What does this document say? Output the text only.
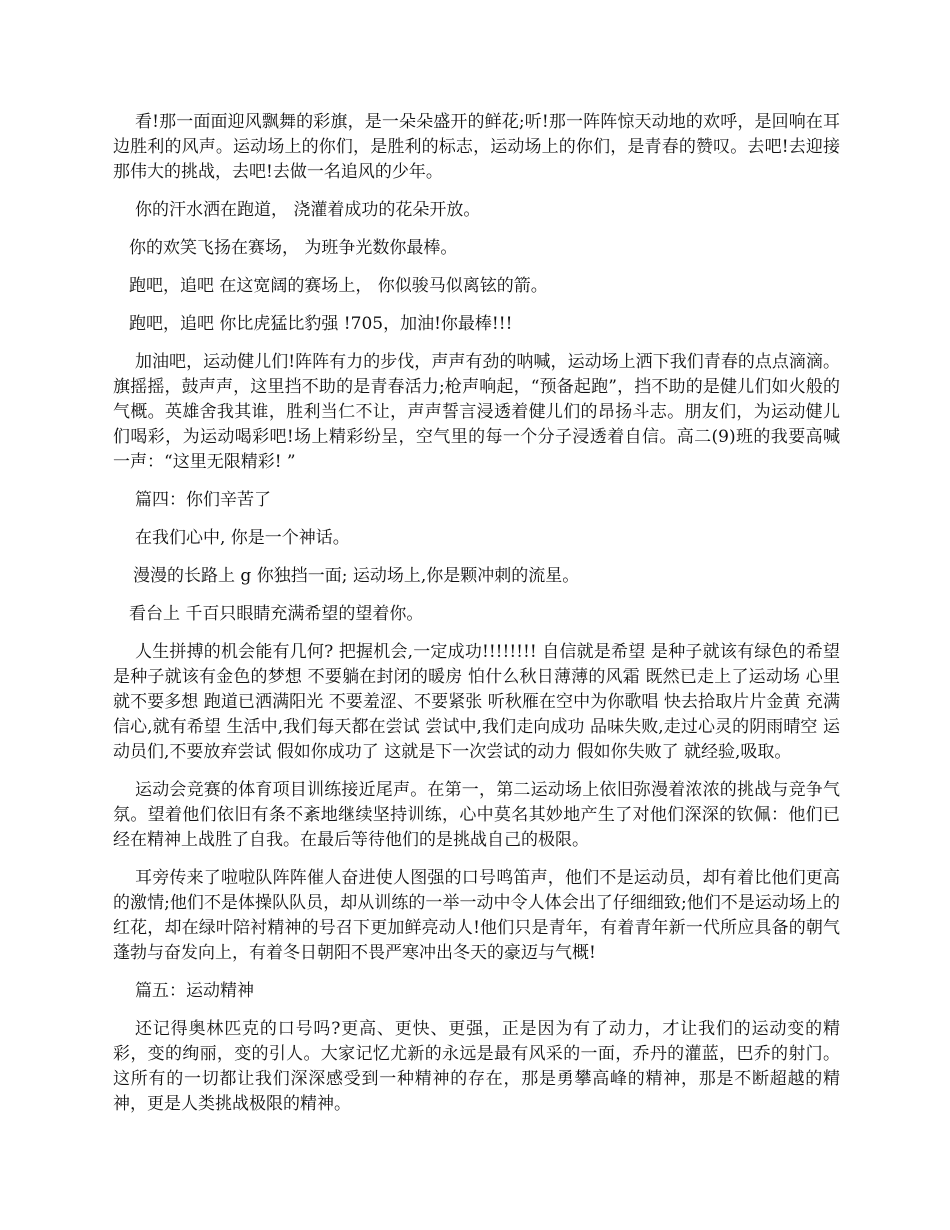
看!那一面面迎风飘舞的彩旗，是一朵朵盛开的鲜花;听!那一阵阵惊天动地的欢呼，是回响在耳边胜利的风声。运动场上的你们，是胜利的标志，运动场上的你们，是青春的赞叹。去吧!去迎接那伟大的挑战，去吧!去做一名追风的少年。

你的汗水洒在跑道， 浇灌着成功的花朵开放。

你的欢笑飞扬在赛场， 为班争光数你最棒。

跑吧，追吧 在这宽阔的赛场上， 你似骏马似离铉的箭。

跑吧，追吧 你比虎猛比豹强 !705，加油!你最棒!!!

加油吧，运动健儿们!阵阵有力的步伐，声声有劲的呐喊，运动场上洒下我们青春的点点滴滴。旗摇摇，鼓声声，这里挡不助的是青春活力;枪声响起，“预备起跑”，挡不助的是健儿们如火般的气概。英雄舍我其谁，胜利当仁不让，声声誓言浸透着健儿们的昂扬斗志。朋友们，为运动健儿们喝彩，为运动喝彩吧!场上精彩纷呈，空气里的每一个分子浸透着自信。高二(9)班的我要高喊一声：“这里无限精彩! ”

篇四：你们辛苦了

在我们心中, 你是一个神话。

漫漫的长路上 g 你独挡一面; 运动场上,你是颗冲刺的流星。

看台上 千百只眼睛充满希望的望着你。

人生拼搏的机会能有几何? 把握机会,一定成功!!!!!!!! 自信就是希望 是种子就该有绿色的希望 是种子就该有金色的梦想 不要躺在封闭的暖房 怕什么秋日薄薄的风霜 既然已走上了运动场 心里就不要多想 跑道已洒满阳光 不要羞涩、不要紧张 听秋雁在空中为你歌唱 快去拾取片片金黄 充满信心,就有希望 生活中,我们每天都在尝试 尝试中,我们走向成功 品味失败,走过心灵的阴雨晴空 运动员们,不要放弃尝试 假如你成功了 这就是下一次尝试的动力 假如你失败了 就经验,吸取。

运动会竞赛的体育项目训练接近尾声。在第一，第二运动场上依旧弥漫着浓浓的挑战与竞争气氛。望着他们依旧有条不紊地继续坚持训练，心中莫名其妙地产生了对他们深深的钦佩：他们已经在精神上战胜了自我。在最后等待他们的是挑战自己的极限。

耳旁传来了啦啦队阵阵催人奋进使人图强的口号鸣笛声，他们不是运动员，却有着比他们更高的激情;他们不是体操队队员，却从训练的一举一动中令人体会出了仔细细致;他们不是运动场上的红花，却在绿叶陪衬精神的号召下更加鲜亮动人!他们只是青年，有着青年新一代所应具备的朝气蓬勃与奋发向上，有着冬日朝阳不畏严寒冲出冬天的豪迈与气概!

篇五：运动精神

还记得奥林匹克的口号吗?更高、更快、更强，正是因为有了动力，才让我们的运动变的精彩，变的绚丽，变的引人。大家记忆尤新的永远是最有风采的一面，乔丹的灌蓝，巴乔的射门。这所有的一切都让我们深深感受到一种精神的存在，那是勇攀高峰的精神，那是不断超越的精神，更是人类挑战极限的精神。
